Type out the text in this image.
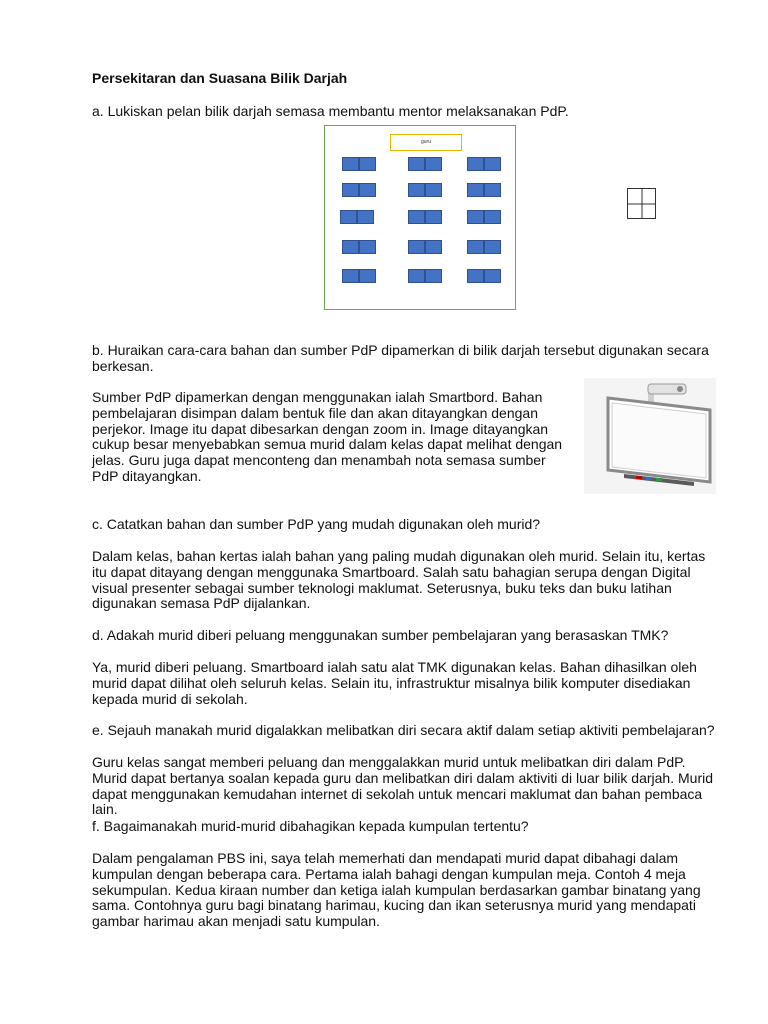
Persekitaran dan Suasana Bilik Darjah

a. Lukiskan pelan bilik darjah semasa membantu mentor melaksanakan PdP.

guru

b. Huraikan cara-cara bahan dan sumber PdP dipamerkan di bilik darjah tersebut digunakan secara berkesan.

Sumber PdP dipamerkan dengan menggunakan ialah Smartbord. Bahan pembelajaran disimpan dalam bentuk file dan akan ditayangkan dengan perjekor. Image itu dapat dibesarkan dengan zoom in. Image ditayangkan cukup besar menyebabkan semua murid dalam kelas dapat melihat dengan jelas. Guru juga dapat menconteng dan menambah nota semasa sumber PdP ditayangkan.

c. Catatkan bahan dan sumber PdP yang mudah digunakan oleh murid?

Dalam kelas, bahan kertas ialah bahan yang paling mudah digunakan oleh murid. Selain itu, kertas itu dapat ditayang dengan menggunaka Smartboard. Salah satu bahagian serupa dengan Digital visual presenter sebagai sumber teknologi maklumat. Seterusnya, buku teks dan buku latihan digunakan semasa PdP dijalankan.

d. Adakah murid diberi peluang menggunakan sumber pembelajaran yang berasaskan TMK?

Ya, murid diberi peluang. Smartboard ialah satu alat TMK digunakan kelas. Bahan dihasilkan oleh murid dapat dilihat oleh seluruh kelas. Selain itu, infrastruktur misalnya bilik komputer disediakan kepada murid di sekolah.

e. Sejauh manakah murid digalakkan melibatkan diri secara aktif dalam setiap aktiviti pembelajaran?

Guru kelas sangat memberi peluang dan menggalakkan murid untuk melibatkan diri dalam PdP. Murid dapat bertanya soalan kepada guru dan melibatkan diri dalam aktiviti di luar bilik darjah. Murid dapat menggunakan kemudahan internet di sekolah untuk mencari maklumat dan bahan pembaca lain.

f. Bagaimanakah murid-murid dibahagikan kepada kumpulan tertentu?

Dalam pengalaman PBS ini, saya telah memerhati dan mendapati murid dapat dibahagi dalam kumpulan dengan beberapa cara. Pertama ialah bahagi dengan kumpulan meja. Contoh 4 meja sekumpulan. Kedua kiraan number dan ketiga ialah kumpulan berdasarkan gambar binatang yang sama. Contohnya guru bagi binatang harimau, kucing dan ikan seterusnya murid yang mendapati gambar harimau akan menjadi satu kumpulan.
